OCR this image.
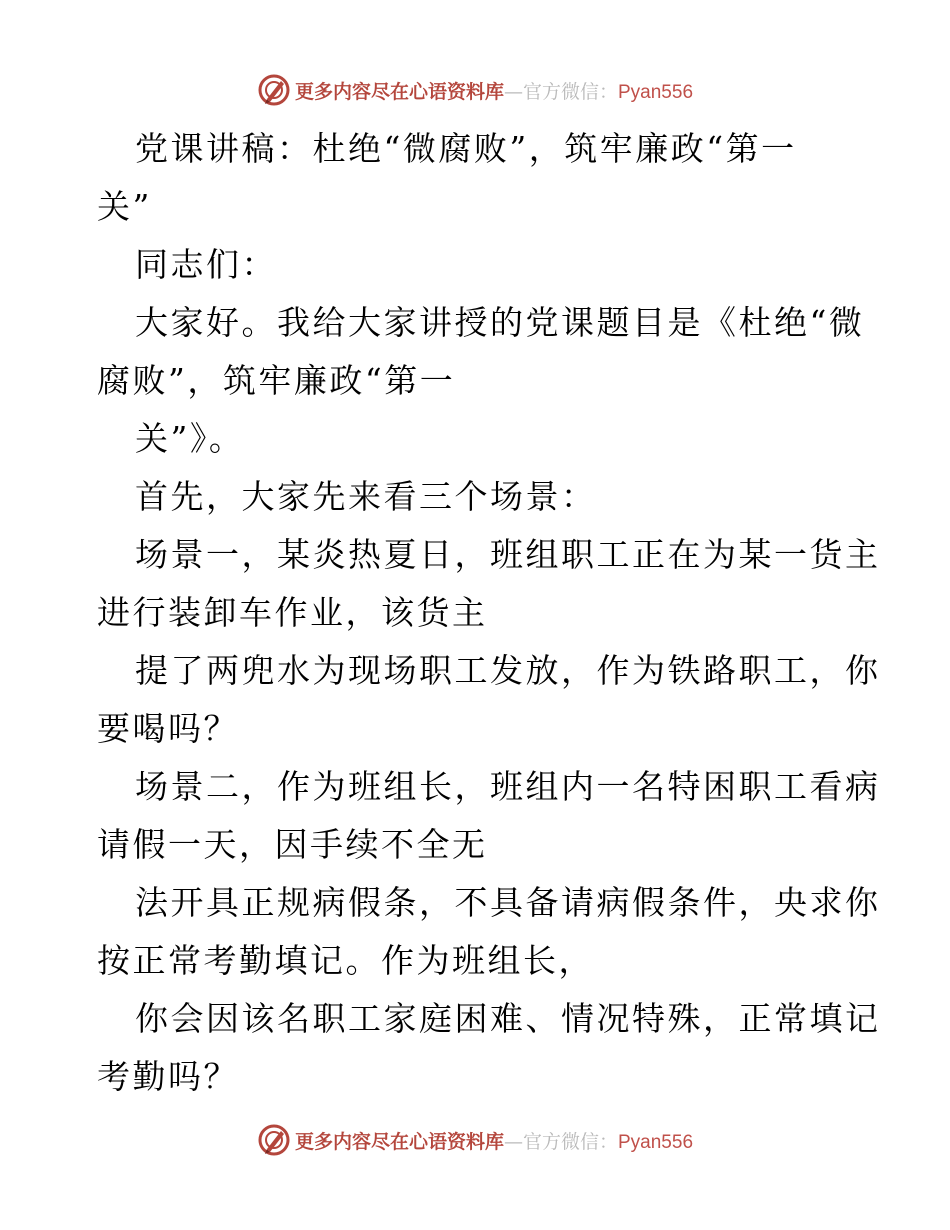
更多内容尽在心语资料库—官方微信：Pyan556
党课讲稿：杜绝“微腐败”，筑牢廉政“第一
关”
同志们：
大家好。我给大家讲授的党课题目是《杜绝“微
腐败”，筑牢廉政“第一
关”》。
首先，大家先来看三个场景：
场景一，某炎热夏日，班组职工正在为某一货主
进行装卸车作业，该货主
提了两兜水为现场职工发放，作为铁路职工，你
要喝吗？
场景二，作为班组长，班组内一名特困职工看病
请假一天，因手续不全无
法开具正规病假条，不具备请病假条件，央求你
按正常考勤填记。作为班组长，
你会因该名职工家庭困难、情况特殊，正常填记
考勤吗？
更多内容尽在心语资料库—官方微信：Pyan556
